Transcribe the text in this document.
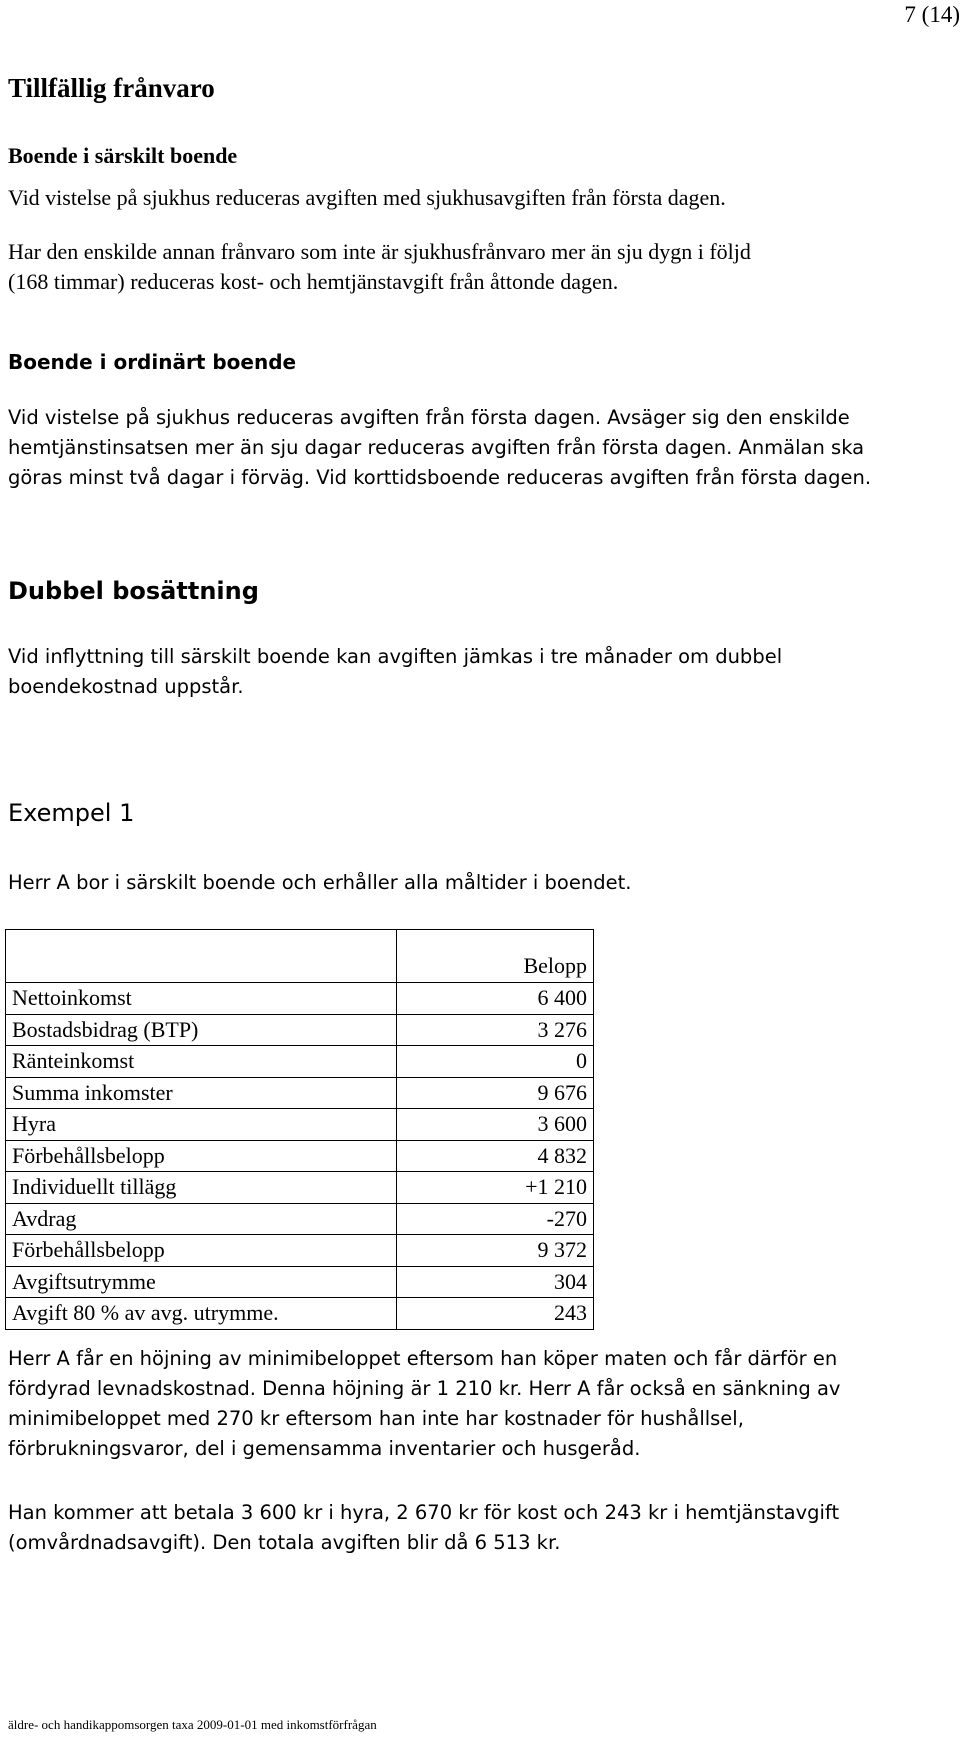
7 (14)
Tillfällig frånvaro
Boende i särskilt boende

Vid vistelse på sjukhus reduceras avgiften med sjukhusavgiften från första dagen.

Har den enskilde annan frånvaro som inte är sjukhusfrånvaro mer än sju dygn i följd
(168 timmar) reduceras kost- och hemtjänstavgift från åttonde dagen.
Boende i ordinärt boende
Vid vistelse på sjukhus reduceras avgiften från första dagen. Avsäger sig den enskilde
hemtjänstinsatsen mer än sju dagar reduceras avgiften från första dagen. Anmälan ska
göras minst två dagar i förväg. Vid korttidsboende reduceras avgiften från första dagen.
Dubbel bosättning
Vid inflyttning till särskilt boende kan avgiften jämkas i tre månader om dubbel
boendekostnad uppstår.
Exempel 1

Herr A bor i särskilt boende och erhåller alla måltider i boendet.

	Belopp
Nettoinkomst	6 400
Bostadsbidrag (BTP)	3 276
Ränteinkomst	0
Summa inkomster	9 676
Hyra	3 600
Förbehållsbelopp	4 832
Individuellt tillägg	+1 210
Avdrag	-270
Förbehållsbelopp	9 372
Avgiftsutrymme	304
Avgift 80 % av avg. utrymme.	243
Herr A får en höjning av minimibeloppet eftersom han köper maten och får därför en
fördyrad levnadskostnad. Denna höjning är 1 210 kr. Herr A får också en sänkning av
minimibeloppet med 270 kr eftersom han inte har kostnader för hushållsel,
förbrukningsvaror, del i gemensamma inventarier och husgeråd.
Han kommer att betala 3 600 kr i hyra, 2 670 kr för kost och 243 kr i hemtjänstavgift
(omvårdnadsavgift). Den totala avgiften blir då 6 513 kr.
äldre- och handikappomsorgen taxa 2009-01-01 med inkomstförfrågan
